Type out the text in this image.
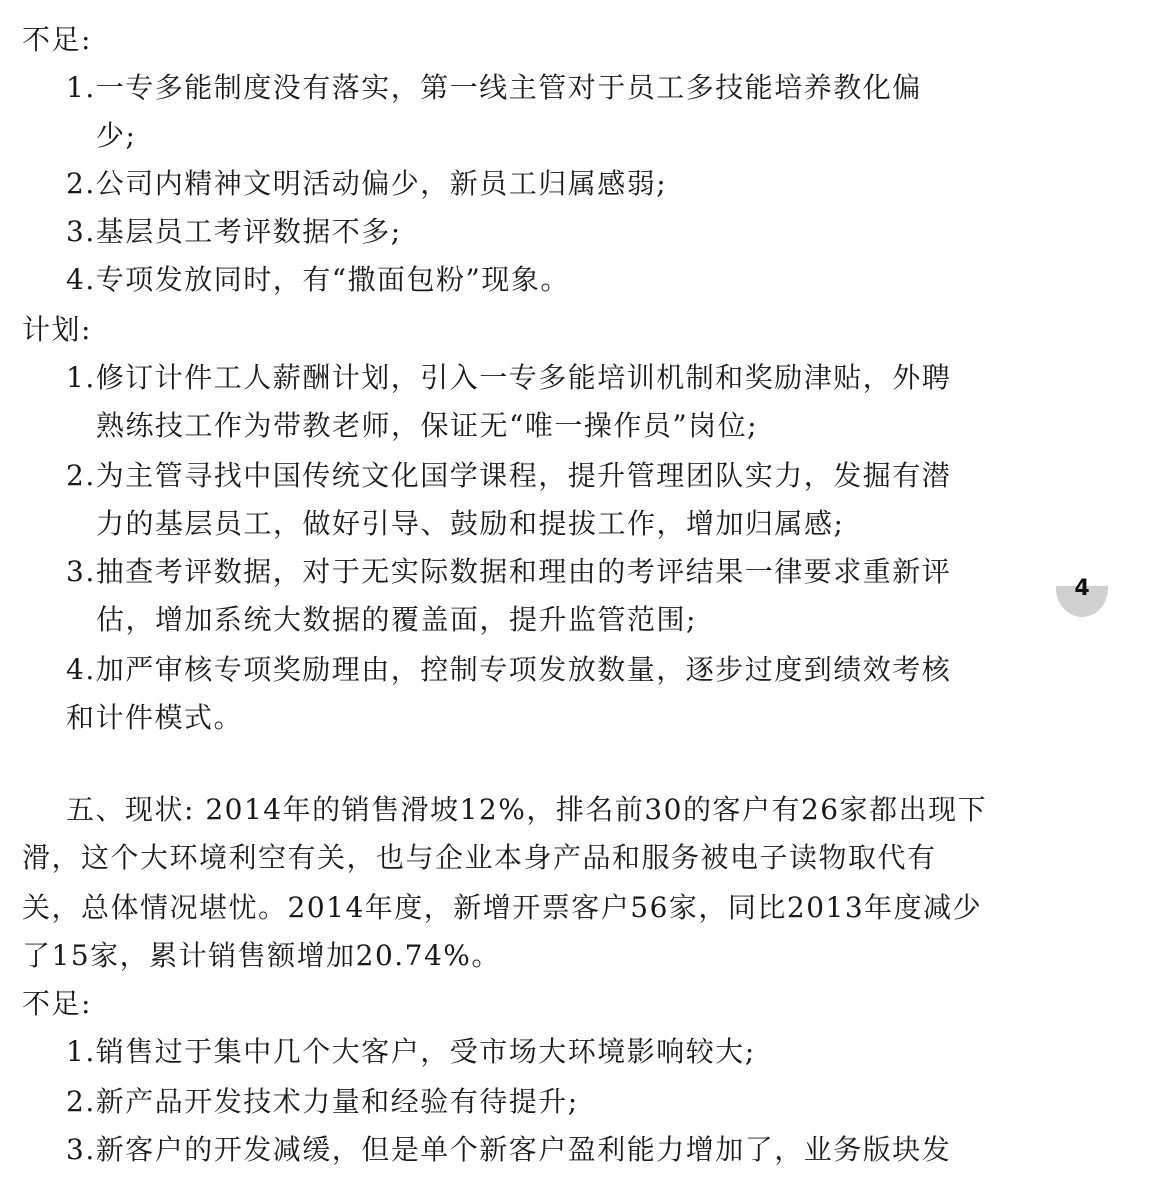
不足:
1.一专多能制度没有落实，第一线主管对于员工多技能培养教化偏
少;
2.公司内精神文明活动偏少，新员工归属感弱;
3.基层员工考评数据不多;
4.专项发放同时，有“撒面包粉”现象。
计划:
1.修订计件工人薪酬计划，引入一专多能培训机制和奖励津贴，外聘
熟练技工作为带教老师，保证无“唯一操作员”岗位;
2.为主管寻找中国传统文化国学课程，提升管理团队实力，发掘有潜
力的基层员工，做好引导、鼓励和提拔工作，增加归属感;
3.抽查考评数据，对于无实际数据和理由的考评结果一律要求重新评
估，增加系统大数据的覆盖面，提升监管范围;
4.加严审核专项奖励理由，控制专项发放数量，逐步过度到绩效考核
和计件模式。
五、现状: 2014年的销售滑坡12%，排名前30的客户有26家都出现下
滑，这个大环境利空有关，也与企业本身产品和服务被电子读物取代有
关，总体情况堪忧。2014年度，新增开票客户56家，同比2013年度减少
了15家，累计销售额增加20.74%。
不足:
1.销售过于集中几个大客户，受市场大环境影响较大;
2.新产品开发技术力量和经验有待提升;
3.新客户的开发减缓，但是单个新客户盈利能力增加了，业务版块发
4
